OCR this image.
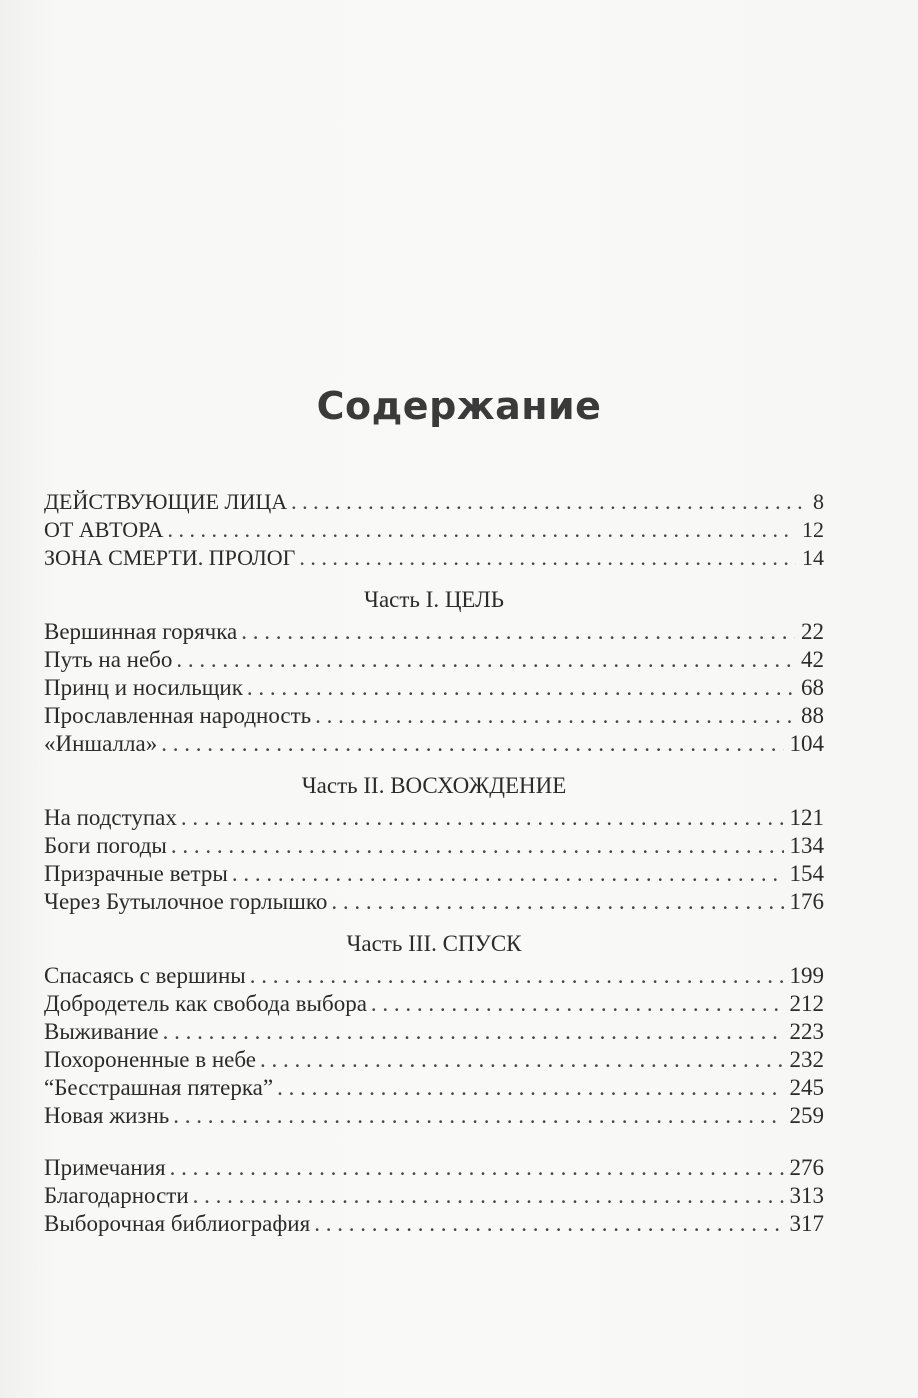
Содержание
ДЕЙСТВУЮЩИЕ ЛИЦА . . .	8
ОТ АВТОРА . . .	12
ЗОНА СМЕРТИ. ПРОЛОГ . . .	14
Часть I. ЦЕЛЬ
Вершинная горячка . . .	22
Путь на небо . . .	42
Принц и носильщик . . .	68
Прославленная народность . . .	88
«Иншалла» . . .	104
Часть II. ВОСХОЖДЕНИЕ
На подступах . . .	121
Боги погоды . . .	134
Призрачные ветры . . .	154
Через Бутылочное горлышко . . .	176
Часть III. СПУСК
Спасаясь с вершины . . .	199
Добродетель как свобода выбора . . .	212
Выживание . . .	223
Похороненные в небе . . .	232
“Бесстрашная пятерка” . . .	245
Новая жизнь . . .	259
Примечания . . .	276
Благодарности . . .	313
Выборочная библиография . . .	317
